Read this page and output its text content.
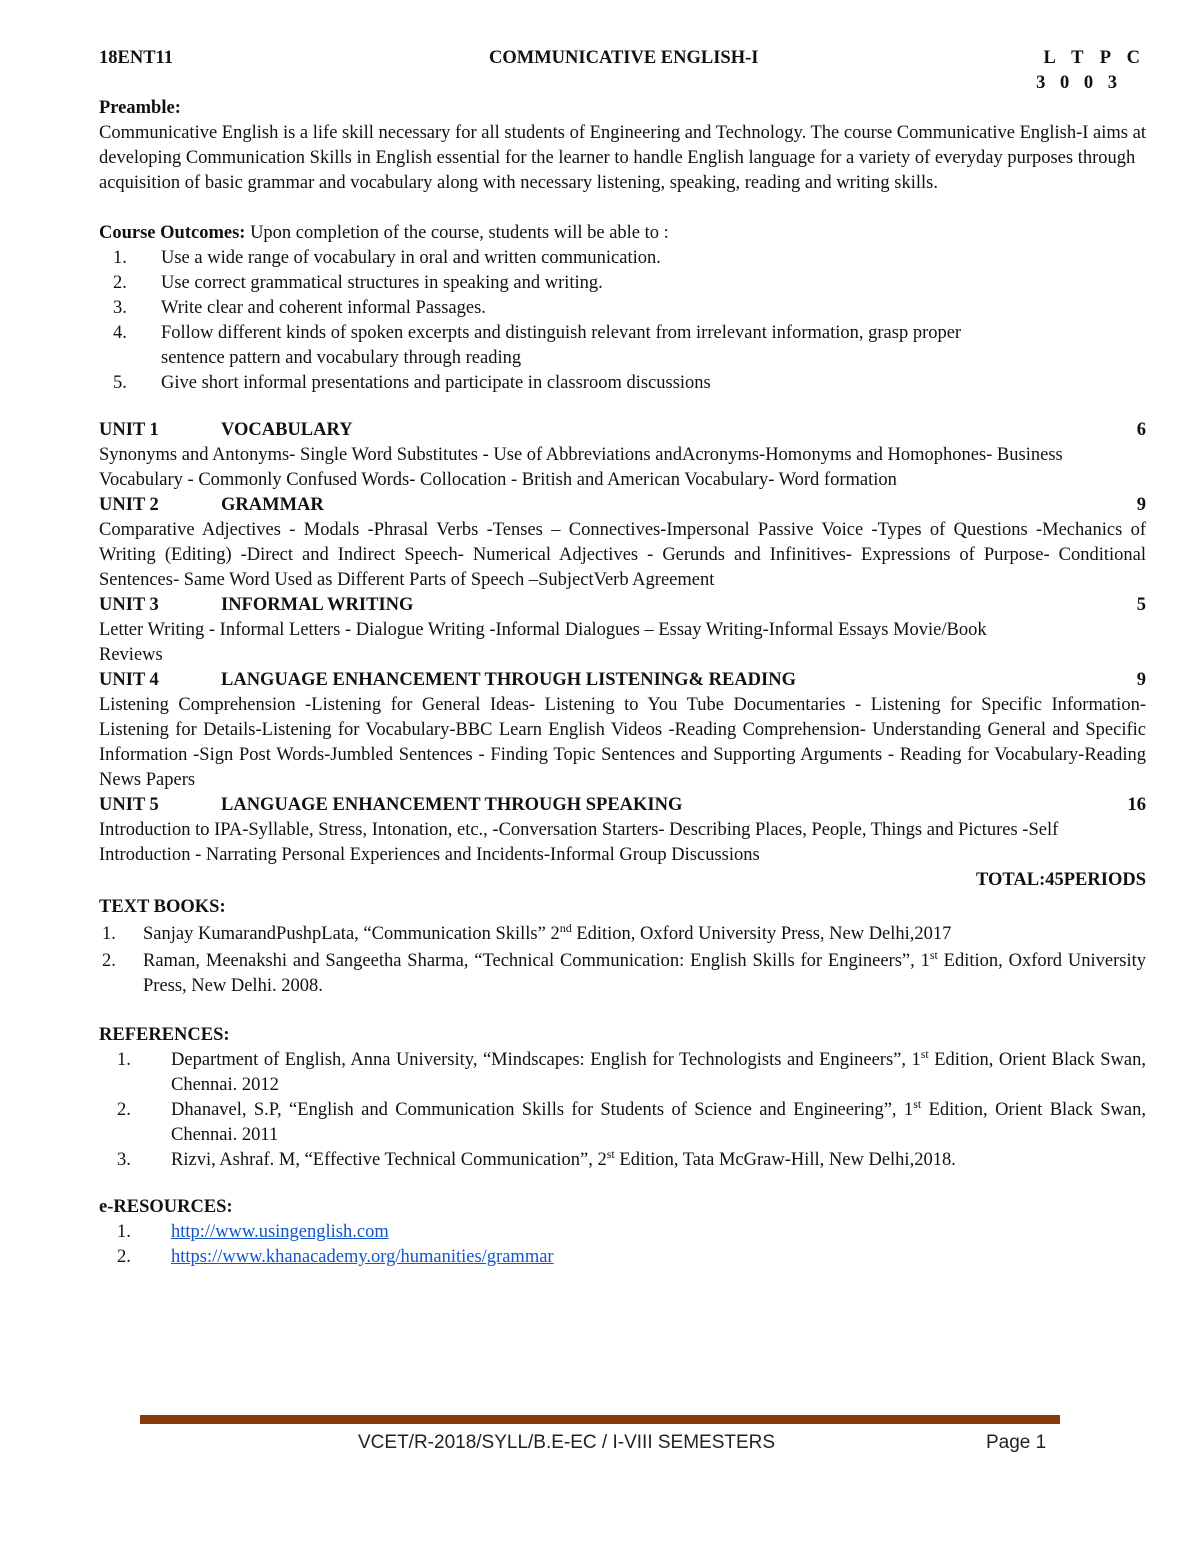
18ENT11	COMMUNICATIVE ENGLISH-I	L T P C
3 0 0 3

Preamble:

Communicative English is a life skill necessary for all students of Engineering and Technology. The course Communicative English-I aims at developing Communication Skills in English essential for the learner to handle English language for a variety of everyday purposes through acquisition of basic grammar and vocabulary along with necessary listening, speaking, reading and writing skills.

Course Outcomes: Upon completion of the course, students will be able to :

1.	Use a wide range of vocabulary in oral and written communication.
2.	Use correct grammatical structures in speaking and writing.
3.	Write clear and coherent informal Passages.
4.	Follow different kinds of spoken excerpts and distinguish relevant from irrelevant information, grasp proper sentence pattern and vocabulary through reading
5.	Give short informal presentations and participate in classroom discussions
UNIT 1	VOCABULARY	6

Synonyms and Antonyms- Single Word Substitutes - Use of Abbreviations andAcronyms-Homonyms and Homophones- Business Vocabulary - Commonly Confused Words- Collocation - British and American Vocabulary- Word formation

UNIT 2	GRAMMAR	9

Comparative Adjectives - Modals -Phrasal Verbs -Tenses – Connectives-Impersonal Passive Voice -Types of Questions -Mechanics of Writing (Editing) -Direct and Indirect Speech- Numerical Adjectives - Gerunds and Infinitives- Expressions of Purpose- Conditional Sentences- Same Word Used as Different Parts of Speech –SubjectVerb Agreement

UNIT 3	INFORMAL WRITING	5

Letter Writing - Informal Letters - Dialogue Writing -Informal Dialogues – Essay Writing-Informal Essays Movie/Book Reviews

UNIT 4	LANGUAGE ENHANCEMENT THROUGH LISTENING& READING	9

Listening Comprehension -Listening for General Ideas- Listening to You Tube Documentaries - Listening for Specific Information- Listening for Details-Listening for Vocabulary-BBC Learn English Videos -Reading Comprehension- Understanding General and Specific Information -Sign Post Words-Jumbled Sentences - Finding Topic Sentences and Supporting Arguments - Reading for Vocabulary-Reading News Papers

UNIT 5	LANGUAGE ENHANCEMENT THROUGH SPEAKING	16

Introduction to IPA-Syllable, Stress, Intonation, etc., -Conversation Starters- Describing Places, People, Things and Pictures -Self Introduction - Narrating Personal Experiences and Incidents-Informal Group Discussions

TOTAL:45PERIODS

TEXT BOOKS:

1.	Sanjay KumarandPushpLata, “Communication Skills” 2nd Edition, Oxford University Press, New Delhi,2017
2.	Raman, Meenakshi and Sangeetha Sharma, “Technical Communication: English Skills for Engineers”, 1st Edition, Oxford University Press, New Delhi. 2008.

REFERENCES:

1.	Department of English, Anna University, “Mindscapes: English for Technologists and Engineers”, 1st Edition, Orient Black Swan, Chennai. 2012
2.	Dhanavel, S.P, “English and Communication Skills for Students of Science and Engineering”, 1st Edition, Orient Black Swan, Chennai. 2011
3.	Rizvi, Ashraf. M, “Effective Technical Communication”, 2st Edition, Tata McGraw-Hill, New Delhi,2018.

e-RESOURCES:

1.	http://www.usingenglish.com
2.	https://www.khanacademy.org/humanities/grammar
VCET/R-2018/SYLL/B.E-EC / I-VIII SEMESTERS	Page 1
